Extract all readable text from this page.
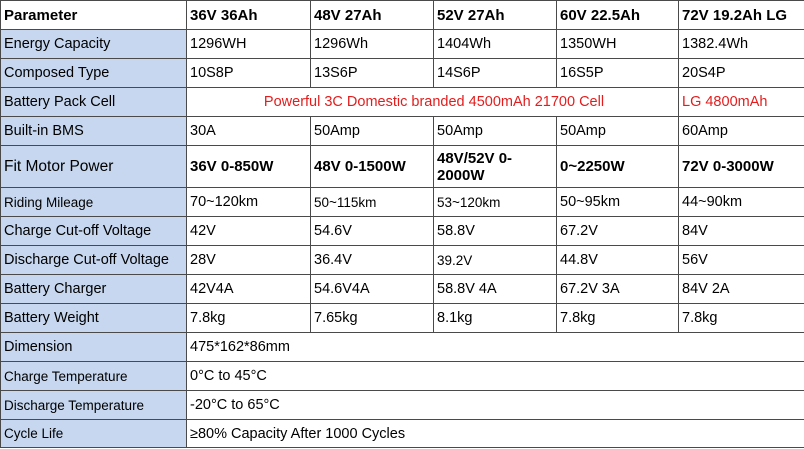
Parameter	36V 36Ah	48V 27Ah	52V 27Ah	60V 22.5Ah	72V 19.2Ah LG
Energy Capacity	1296WH	1296Wh	1404Wh	1350WH	1382.4Wh
Composed Type	10S8P	13S6P	14S6P	16S5P	20S4P
Battery Pack Cell	Powerful 3C Domestic branded 4500mAh 21700 Cell				LG 4800mAh
Built-in BMS	30A	50Amp	50Amp	50Amp	60Amp
Fit Motor Power	36V 0-850W	48V 0-1500W	48V/52V 0-2000W	0~2250W	72V 0-3000W
Riding Mileage	70~120km	50~115km	53~120km	50~95km	44~90km
Charge Cut-off Voltage	42V	54.6V	58.8V	67.2V	84V
Discharge Cut-off Voltage	28V	36.4V	39.2V	44.8V	56V
Battery Charger	42V4A	54.6V4A	58.8V 4A	67.2V 3A	84V 2A
Battery Weight	7.8kg	7.65kg	8.1kg	7.8kg	7.8kg
Dimension	475*162*86mm				
Charge Temperature	0°C to 45°C				
Discharge Temperature	-20°C to 65°C				
Cycle Life	≥80% Capacity After 1000 Cycles				
